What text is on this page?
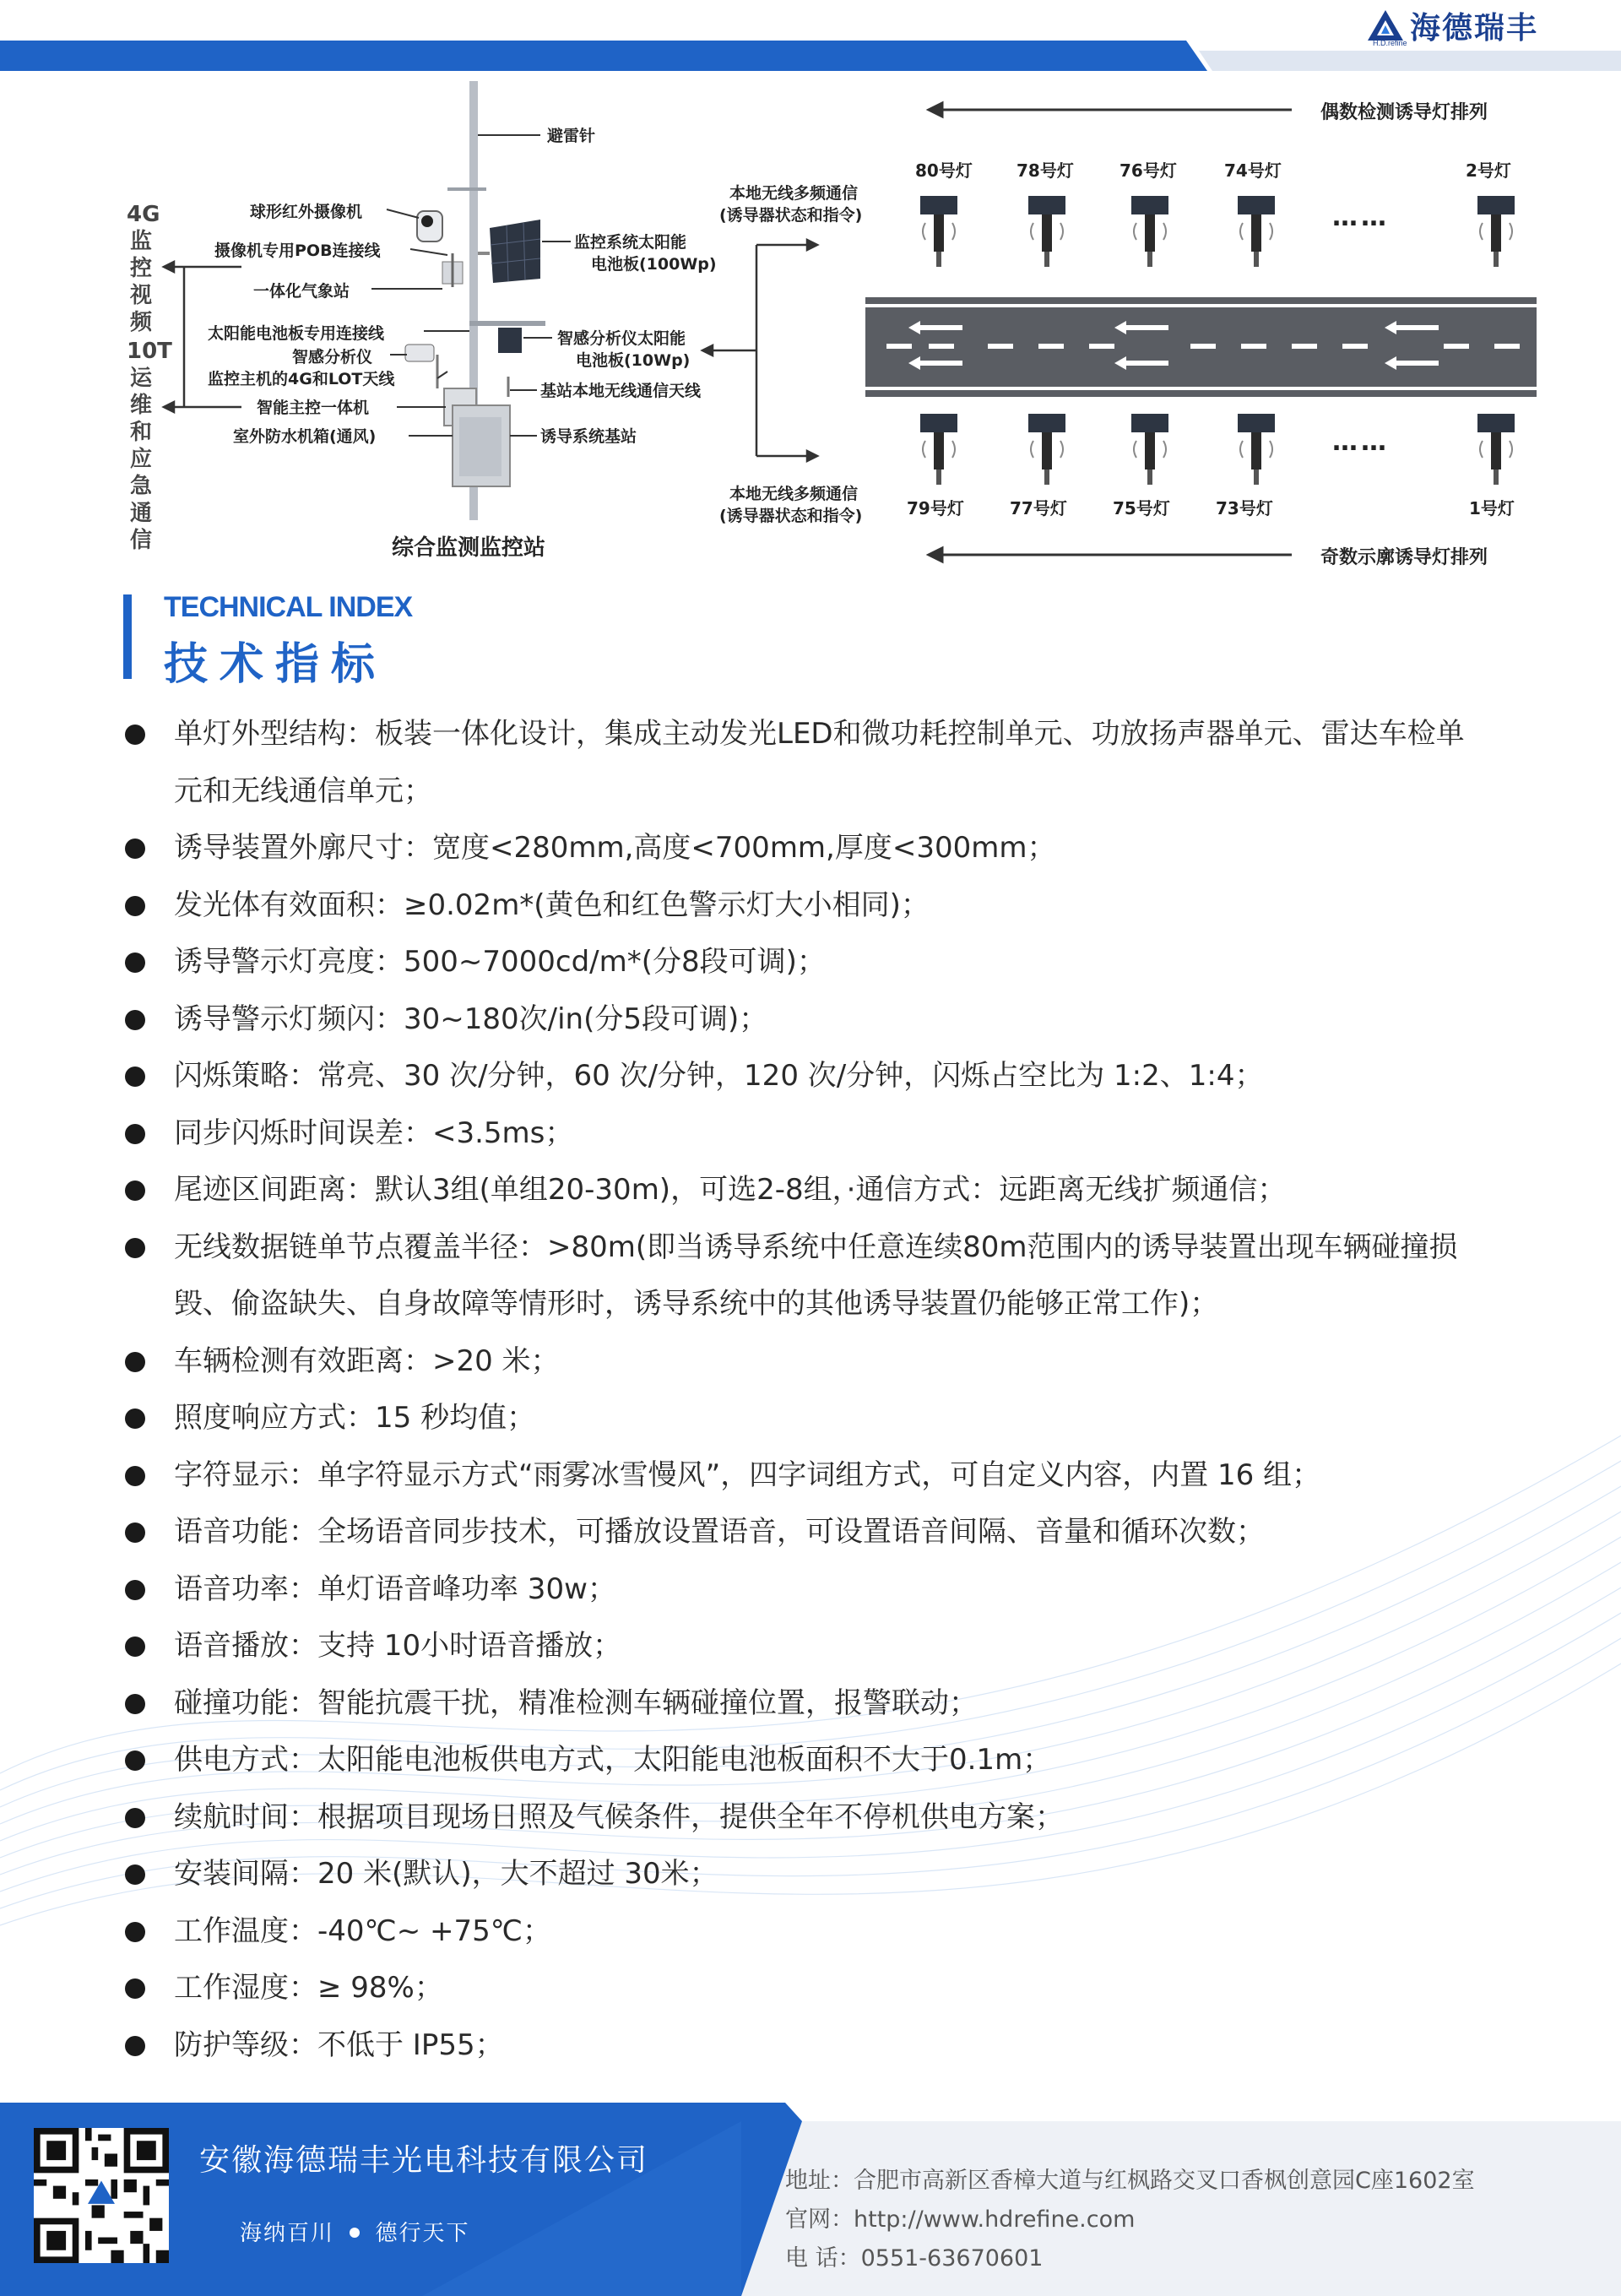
海德瑞丰
H.D.refine
避雷针
球形红外摄像机
摄像机专用POB连接线
一体化气象站
太阳能电池板专用连接线
智感分析仪
监控主机的4G和LOT天线
智能主控一体机
室外防水机箱(通风)
监控系统太阳能
电池板(100Wp)
智感分析仪太阳能
电池板(10Wp)
基站本地无线通信天线
诱导系统基站
综合监测监控站
4G监控视频
10T运维和应急通信
本地无线多频通信
(诱导器状态和指令)
本地无线多频通信
(诱导器状态和指令)
偶数检测诱导灯排列
奇数示廓诱导灯排列
80号灯	78号灯	76号灯	74号灯	2号灯
79号灯	77号灯	75号灯	73号灯	1号灯
……
……
TECHNICAL INDEX
技术指标
单灯外型结构：板装一体化设计，集成主动发光LED和微功耗控制单元、功放扬声器单元、雷达车检单
元和无线通信单元；
诱导装置外廓尺寸：宽度<280mm,高度<700mm,厚度<300mm；
发光体有效面积：≥0.02m*(黄色和红色警示灯大小相同)；
诱导警示灯亮度：500~7000cd/m*(分8段可调)；
诱导警示灯频闪：30~180次/in(分5段可调)；
闪烁策略：常亮、30 次/分钟，60 次/分钟，120 次/分钟，闪烁占空比为 1:2、1:4；
同步闪烁时间误差：<3.5ms；
尾迹区间距离：默认3组(单组20-30m)，可选2-8组，·通信方式：远距离无线扩频通信；
无线数据链单节点覆盖半径：>80m(即当诱导系统中任意连续80m范围内的诱导装置出现车辆碰撞损
毁、偷盗缺失、自身故障等情形时，诱导系统中的其他诱导装置仍能够正常工作)；
车辆检测有效距离：>20 米；
照度响应方式：15 秒均值；
字符显示：单字符显示方式“雨雾冰雪慢风”，四字词组方式，可自定义内容，内置 16 组；
语音功能：全场语音同步技术，可播放设置语音，可设置语音间隔、音量和循环次数；
语音功率：单灯语音峰功率 30w；
语音播放：支持 10小时语音播放；
碰撞功能：智能抗震干扰，精准检测车辆碰撞位置，报警联动；
供电方式：太阳能电池板供电方式，太阳能电池板面积不大于0.1m；
续航时间：根据项目现场日照及气候条件，提供全年不停机供电方案；
安装间隔：20 米(默认)，大不超过 30米；
工作温度：-40℃~ +75℃；
工作湿度：≥ 98%；
防护等级：不低于 IP55；
安徽海德瑞丰光电科技有限公司
海纳百川 德行天下
地址：合肥市高新区香樟大道与红枫路交叉口香枫创意园C座1602室
官网：http://www.hdrefine.com
电 话：0551-63670601
